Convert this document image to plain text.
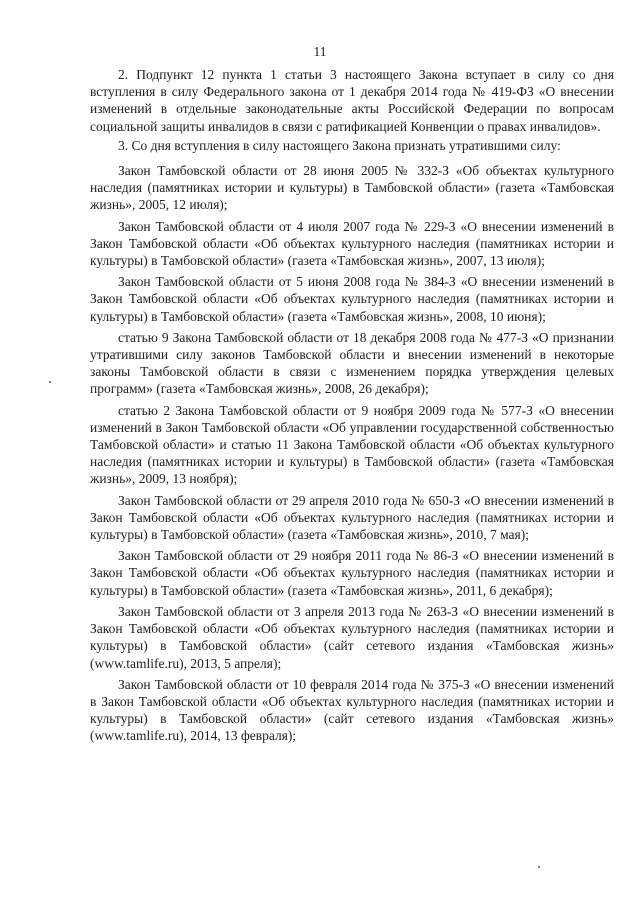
11

2. Подпункт 12 пункта 1 статьи 3 настоящего Закона вступает в силу со дня вступления в силу Федерального закона от 1 декабря 2014 года № 419-ФЗ «О внесении изменений в отдельные законодательные акты Российской Федерации по вопросам социальной защиты инвалидов в связи с ратификацией Конвенции о правах инвалидов».

3. Со дня вступления в силу настоящего Закона признать утратившими силу:

Закон Тамбовской области от 28 июня 2005 № 332-З «Об объектах культурного наследия (памятниках истории и культуры) в Тамбовской области» (газета «Тамбовская жизнь», 2005, 12 июля);

Закон Тамбовской области от 4 июля 2007 года № 229-З «О внесении изменений в Закон Тамбовской области «Об объектах культурного наследия (памятниках истории и культуры) в Тамбовской области» (газета «Тамбовская жизнь», 2007, 13 июля);

Закон Тамбовской области от 5 июня 2008 года № 384-З «О внесении изменений в Закон Тамбовской области «Об объектах культурного наследия (памятниках истории и культуры) в Тамбовской области» (газета «Тамбовская жизнь», 2008, 10 июня);

статью 9 Закона Тамбовской области от 18 декабря 2008 года № 477-З «О признании утратившими силу законов Тамбовской области и внесении изменений в некоторые законы Тамбовской области в связи с изменением порядка утверждения целевых программ» (газета «Тамбовская жизнь», 2008, 26 декабря);

статью 2 Закона Тамбовской области от 9 ноября 2009 года № 577-З «О внесении изменений в Закон Тамбовской области «Об управлении государственной собственностью Тамбовской области» и статью 11 Закона Тамбовской области «Об объектах культурного наследия (памятниках истории и культуры) в Тамбовской области» (газета «Тамбовская жизнь», 2009, 13 ноября);

Закон Тамбовской области от 29 апреля 2010 года № 650-З «О внесении изменений в Закон Тамбовской области «Об объектах культурного наследия (памятниках истории и культуры) в Тамбовской области» (газета «Тамбовская жизнь», 2010, 7 мая);

Закон Тамбовской области от 29 ноября 2011 года № 86-З «О внесении изменений в Закон Тамбовской области «Об объектах культурного наследия (памятниках истории и культуры) в Тамбовской области» (газета «Тамбовская жизнь», 2011, 6 декабря);

Закон Тамбовской области от 3 апреля 2013 года № 263-З «О внесении изменений в Закон Тамбовской области «Об объектах культурного наследия (памятниках истории и культуры) в Тамбовской области» (сайт сетевого издания «Тамбовская жизнь» (www.tamlife.ru), 2013, 5 апреля);

Закон Тамбовской области от 10 февраля 2014 года № 375-З «О внесении изменений в Закон Тамбовской области «Об объектах культурного наследия (памятниках истории и культуры) в Тамбовской области» (сайт сетевого издания «Тамбовская жизнь» (www.tamlife.ru), 2014, 13 февраля);
